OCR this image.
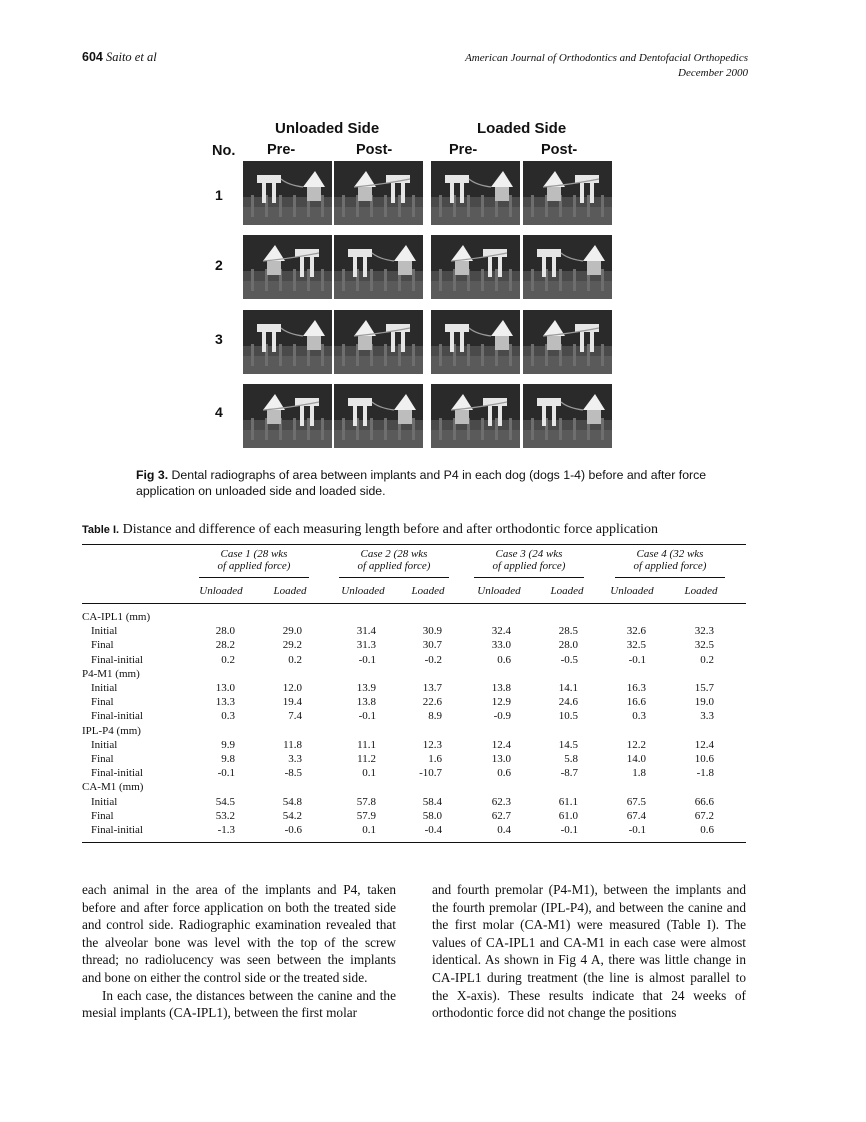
604 Saito et al	American Journal of Orthodontics and Dentofacial Orthopedics
December 2000
Unloaded Side	Loaded Side
No. Pre-	Post-	Pre-	Post-
1
2
3
4
Fig 3. Dental radiographs of area between implants and P4 in each dog (dogs 1-4) before and after force application on unloaded side and loaded side.
Table I. Distance and difference of each measuring length before and after orthodontic force application
Case 1 (28 wks
of applied force)
Case 2 (28 wks
of applied force)
Case 3 (24 wks
of applied force)
Case 4 (32 wks
of applied force)
Unloaded	Loaded	Unloaded	Loaded	Unloaded	Loaded	Unloaded	Loaded
CA-IPL1 (mm)
Initial	28.0	29.0	31.4	30.9	32.4	28.5	32.6	32.3
Final	28.2	29.2	31.3	30.7	33.0	28.0	32.5	32.5
Final-initial	0.2	0.2	-0.1	-0.2	0.6	-0.5	-0.1	0.2
P4-M1 (mm)
Initial	13.0	12.0	13.9	13.7	13.8	14.1	16.3	15.7
Final	13.3	19.4	13.8	22.6	12.9	24.6	16.6	19.0
Final-initial	0.3	7.4	-0.1	8.9	-0.9	10.5	0.3	3.3
IPL-P4 (mm)
Initial	9.9	11.8	11.1	12.3	12.4	14.5	12.2	12.4
Final	9.8	3.3	11.2	1.6	13.0	5.8	14.0	10.6
Final-initial	-0.1	-8.5	0.1	-10.7	0.6	-8.7	1.8	-1.8
CA-M1 (mm)
Initial	54.5	54.8	57.8	58.4	62.3	61.1	67.5	66.6
Final	53.2	54.2	57.9	58.0	62.7	61.0	67.4	67.2
Final-initial	-1.3	-0.6	0.1	-0.4	0.4	-0.1	-0.1	0.6

each animal in the area of the implants and P4, taken before and after force application on both the treated side and control side. Radiographic examination revealed that the alveolar bone was level with the top of the screw thread; no radiolucency was seen between the implants and bone on either the control side or the treated side.

In each case, the distances between the canine and the mesial implants (CA-IPL1), between the first molar

and fourth premolar (P4-M1), between the implants and the fourth premolar (IPL-P4), and between the canine and the first molar (CA-M1) were measured (Table I). The values of CA-IPL1 and CA-M1 in each case were almost identical. As shown in Fig 4 A, there was little change in CA-IPL1 during treatment (the line is almost parallel to the X-axis). These results indicate that 24 weeks of orthodontic force did not change the positions
